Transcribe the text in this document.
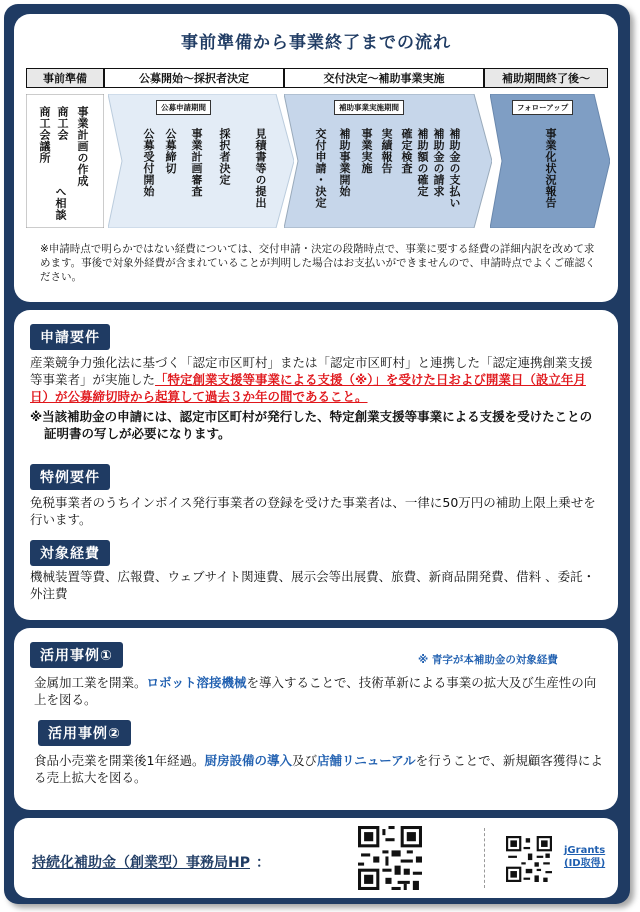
事前準備から事業終了までの流れ
事前準備	公募開始～採択者決定	交付決定～補助事業実施	補助期間終了後～
事業計画の作成
商工会
商工会議所
へ相談
公募申請期間
公募受付開始 公募締切 事業計画審査 採択者決定 見積書等の提出
補助事業実施期間
交付申請・決定 補助事業開始 事業実施 実績報告 確定検査 補助額の確定 補助金の請求 補助金の支払い
フォローアップ
事業化状況報告
※申請時点で明らかではない経費については、交付申請・決定の段階時点で、事業に要する経費の詳細内訳を改めて求めます。事後で対象外経費が含まれていることが判明した場合はお支払いができませんので、申請時点でよくご確認ください。
申請要件
産業競争力強化法に基づく「認定市区町村」または「認定市区町村」と連携した「認定連携創業支援等事業者」が実施した「特定創業支援等事業による支援（※）」を受けた日および開業日（設立年月日）が公募締切時から起算して過去３か年の間であること。
※当該補助金の申請には、認定市区町村が発行した、特定創業支援等事業による支援を受けたことの証明書の写しが必要になります。
特例要件
免税事業者のうちインボイス発行事業者の登録を受けた事業者は、一律に50万円の補助上限上乗せを行います。
対象経費
機械装置等費、広報費、ウェブサイト関連費、展示会等出展費、旅費、新商品開発費、借料 、委託・外注費
活用事例①	※ 青字が本補助金の対象経費
金属加工業を開業。ロボット溶接機械を導入することで、技術革新による事業の拡大及び生産性の向上を図る。
活用事例②
食品小売業を開業後1年経過。厨房設備の導入及び店舗リニューアルを行うことで、新規顧客獲得による売上拡大を図る。
持続化補助金（創業型）事務局HP ：
jGrants
(ID取得)
